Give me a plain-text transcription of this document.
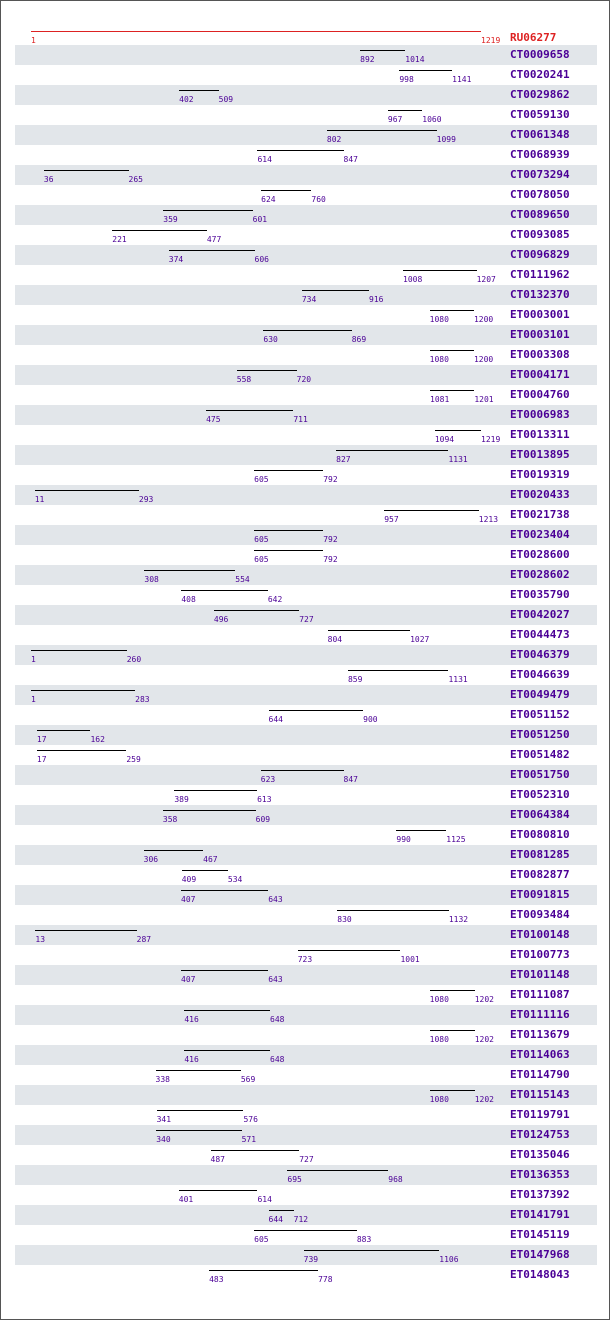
1	1219 RU06277
892	1014	CT0009658
998	1141	CT0020241
402	509	CT0029862
967 1060	CT0059130
802	1099	CT0061348
614	847	CT0068939
36	265	CT0073294
624	760	CT0078050
359	601	CT0089650
221	477	CT0093085
374	606	CT0096829
1008	1207 CT0111962
734	916	CT0132370
1080	1200 ET0003001
630	869	ET0003101
1080	1200 ET0003308
558	720	ET0004171
1081	1201 ET0004760
475	711	ET0006983
1094	1219 ET0013311
827	1131	ET0013895
605	792	ET0019319
11	293	ET0020433
957	1213 ET0021738
605	792	ET0023404
605	792	ET0028600
308	554	ET0028602
408	642	ET0035790
496	727	ET0042027
804	1027	ET0044473
1	260	ET0046379
859	1131	ET0046639
1	283	ET0049479
644	900	ET0051152
17	162	ET0051250
17	259	ET0051482
623	847	ET0051750
389	613	ET0052310
358	609	ET0064384
990	1125	ET0080810
306	467	ET0081285
409	534	ET0082877
407	643	ET0091815
830	1132	ET0093484
13	287	ET0100148
723	1001	ET0100773
407	643	ET0101148
1080	1202 ET0111087
416	648	ET0111116
1080	1202 ET0113679
416	648	ET0114063
338	569	ET0114790
1080	1202 ET0115143
341	576	ET0119791
340	571	ET0124753
487	727	ET0135046
695	968	ET0136353
401	614	ET0137392
644 712	ET0141791
605	883	ET0145119
739	1106	ET0147968
483	778	ET0148043
